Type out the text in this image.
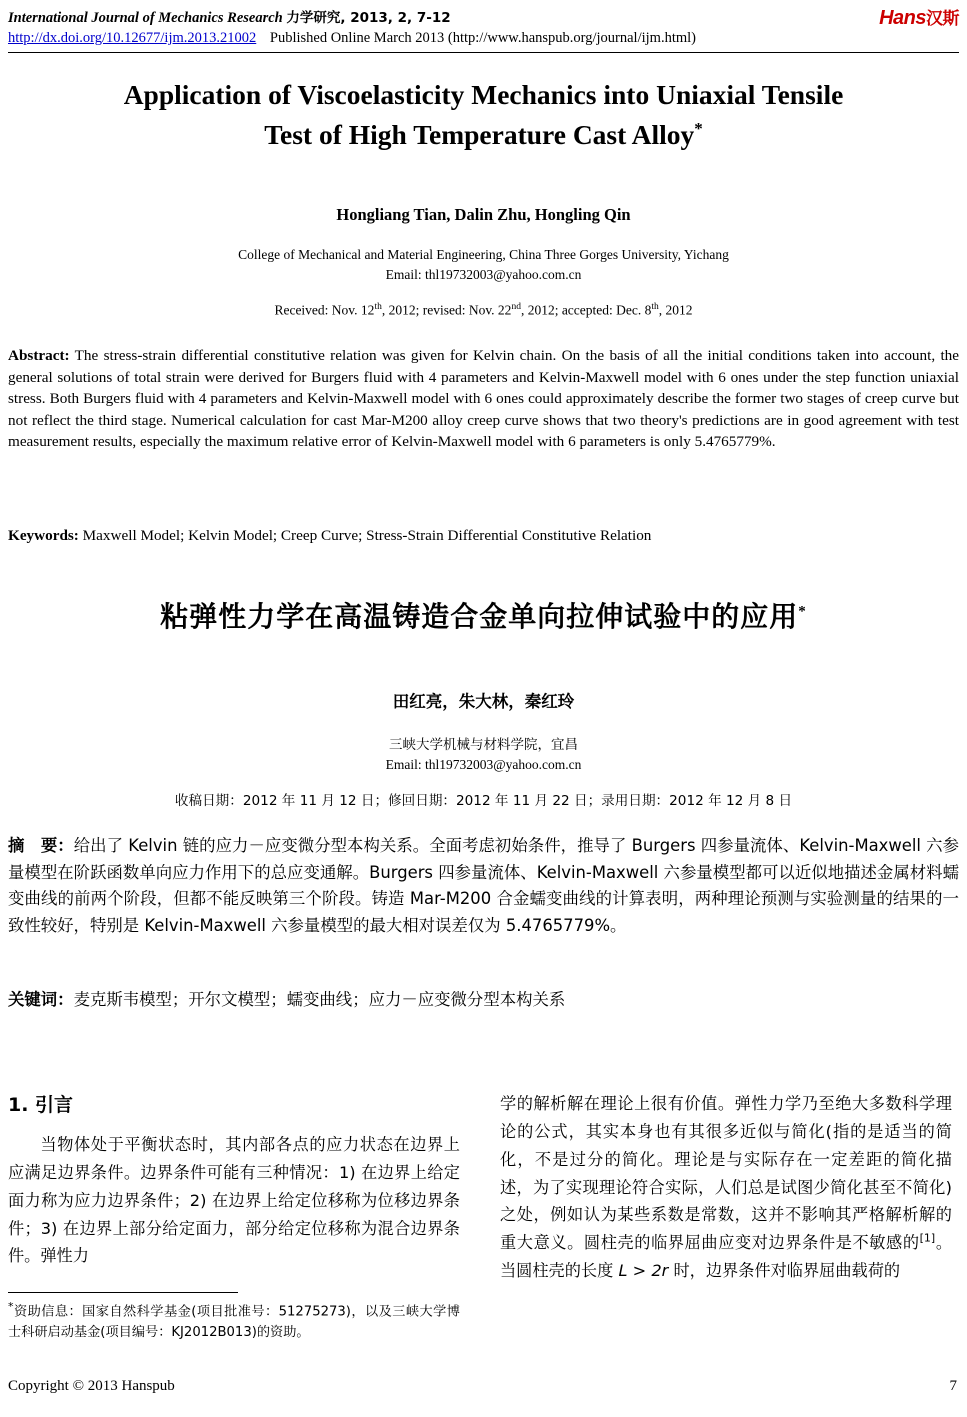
International Journal of Mechanics Research 力学研究, 2013, 2, 7-12
http://dx.doi.org/10.12677/ijm.2013.21002 Published Online March 2013 (http://www.hanspub.org/journal/ijm.html)
Hans汉斯
Application of Viscoelasticity Mechanics into Uniaxial Tensile
Test of High Temperature Cast Alloy*
Hongliang Tian, Dalin Zhu, Hongling Qin
College of Mechanical and Material Engineering, China Three Gorges University, Yichang
Email: thl19732003@yahoo.com.cn
Received: Nov. 12th, 2012; revised: Nov. 22nd, 2012; accepted: Dec. 8th, 2012
Abstract: The stress-strain differential constitutive relation was given for Kelvin chain. On the basis of all the initial conditions taken into account, the general solutions of total strain were derived for Burgers fluid with 4 parameters and Kelvin-Maxwell model with 6 ones under the step function uniaxial stress. Both Burgers fluid with 4 parameters and Kelvin-Maxwell model with 6 ones could approximately describe the former two stages of creep curve but not reflect the third stage. Numerical calculation for cast Mar-M200 alloy creep curve shows that two theory's predictions are in good agreement with test measurement results, especially the maximum relative error of Kelvin-Maxwell model with 6 parameters is only 5.4765779%.
Keywords: Maxwell Model; Kelvin Model; Creep Curve; Stress-Strain Differential Constitutive Relation
粘弹性力学在高温铸造合金单向拉伸试验中的应用*
田红亮，朱大林，秦红玲
三峡大学机械与材料学院，宜昌
Email: thl19732003@yahoo.com.cn
收稿日期：2012 年 11 月 12 日；修回日期：2012 年 11 月 22 日；录用日期：2012 年 12 月 8 日
摘　要：给出了 Kelvin 链的应力－应变微分型本构关系。全面考虑初始条件，推导了 Burgers 四参量流体、Kelvin-Maxwell 六参量模型在阶跃函数单向应力作用下的总应变通解。Burgers 四参量流体、Kelvin-Maxwell 六参量模型都可以近似地描述金属材料蠕变曲线的前两个阶段，但都不能反映第三个阶段。铸造 Mar-M200 合金蠕变曲线的计算表明，两种理论预测与实验测量的结果的一致性较好，特别是 Kelvin-Maxwell 六参量模型的最大相对误差仅为 5.4765779%。
关键词：麦克斯韦模型；开尔文模型；蠕变曲线；应力－应变微分型本构关系
1. 引言

当物体处于平衡状态时，其内部各点的应力状态在边界上应满足边界条件。边界条件可能有三种情况：1) 在边界上给定面力称为应力边界条件；2) 在边界上给定位移称为位移边界条件；3) 在边界上部分给定面力，部分给定位移称为混合边界条件。弹性力

学的解析解在理论上很有价值。弹性力学乃至绝大多数科学理论的公式，其实本身也有其很多近似与简化(指的是适当的简化，不是过分的简化。理论是与实际存在一定差距的简化描述，为了实现理论符合实际，人们总是试图少简化甚至不简化)之处，例如认为某些系数是常数，这并不影响其严格解析解的重大意义。圆柱壳的临界屈曲应变对边界条件是不敏感的[1]。当圆柱壳的长度 L > 2r 时，边界条件对临界屈曲载荷的

*资助信息：国家自然科学基金(项目批准号：51275273)，以及三峡大学博士科研启动基金(项目编号：KJ2012B013)的资助。
Copyright © 2013 Hanspub	7
